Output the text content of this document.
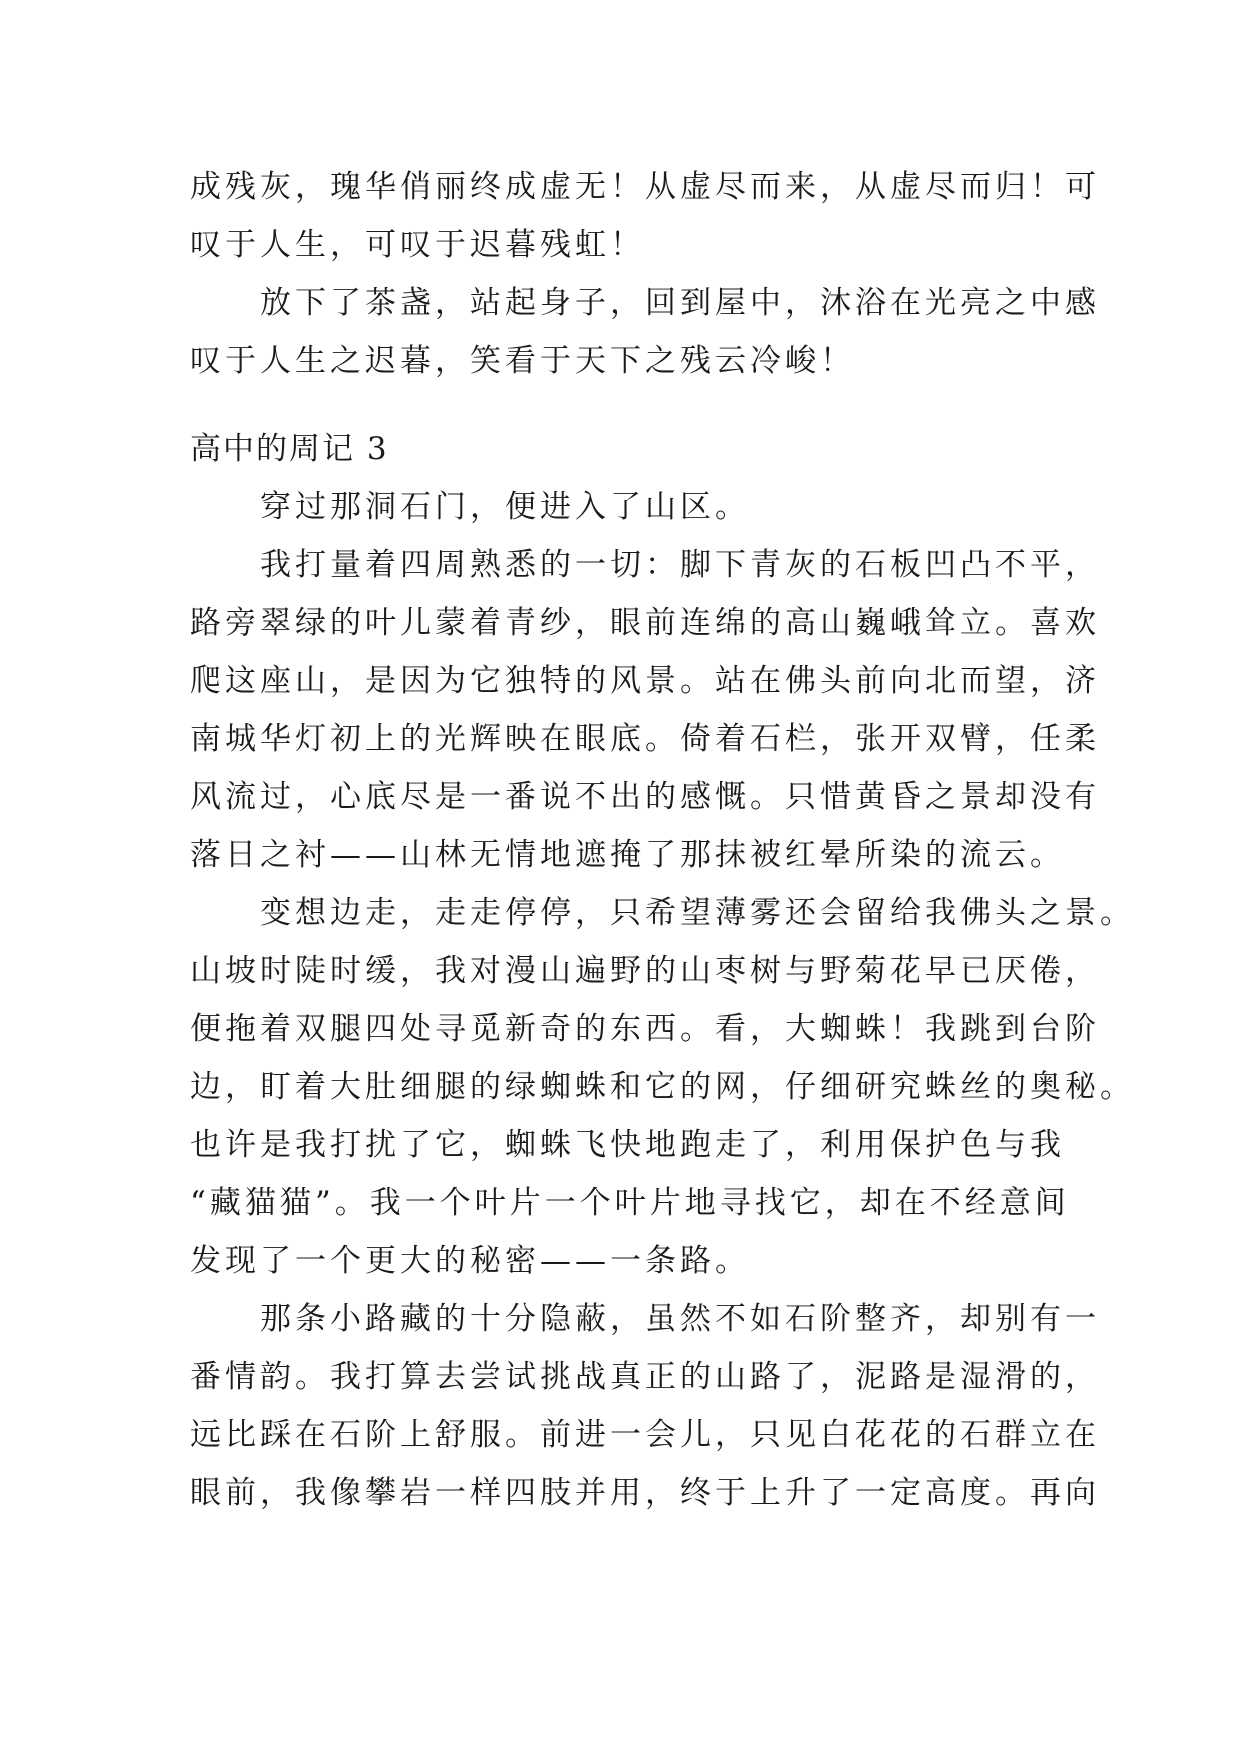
成残灰，瑰华俏丽终成虚无！从虚尽而来，从虚尽而归！可
叹于人生，可叹于迟暮残虹！
放下了茶盏，站起身子，回到屋中，沐浴在光亮之中感
叹于人生之迟暮，笑看于天下之残云冷峻！
高中的周记 3
穿过那洞石门，便进入了山区。
我打量着四周熟悉的一切：脚下青灰的石板凹凸不平，
路旁翠绿的叶儿蒙着青纱，眼前连绵的高山巍峨耸立。喜欢
爬这座山，是因为它独特的风景。站在佛头前向北而望，济
南城华灯初上的光辉映在眼底。倚着石栏，张开双臂，任柔
风流过，心底尽是一番说不出的感慨。只惜黄昏之景却没有
落日之衬——山林无情地遮掩了那抹被红晕所染的流云。
变想边走，走走停停，只希望薄雾还会留给我佛头之景。
山坡时陡时缓，我对漫山遍野的山枣树与野菊花早已厌倦，
便拖着双腿四处寻觅新奇的东西。看，大蜘蛛！我跳到台阶
边，盯着大肚细腿的绿蜘蛛和它的网，仔细研究蛛丝的奥秘。
也许是我打扰了它，蜘蛛飞快地跑走了，利用保护色与我
“藏猫猫”。我一个叶片一个叶片地寻找它，却在不经意间
发现了一个更大的秘密——一条路。
那条小路藏的十分隐蔽，虽然不如石阶整齐，却别有一
番情韵。我打算去尝试挑战真正的山路了，泥路是湿滑的，
远比踩在石阶上舒服。前进一会儿，只见白花花的石群立在
眼前，我像攀岩一样四肢并用，终于上升了一定高度。再向
